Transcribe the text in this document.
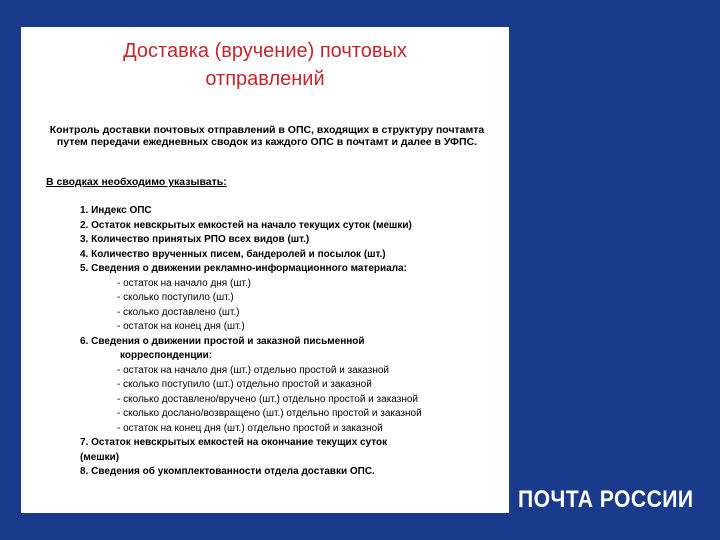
Доставка (вручение) почтовых
отправлений
Контроль доставки почтовых отправлений в ОПС, входящих в структуру почтамта путем передачи ежедневных сводок из каждого ОПС в почтамт и далее в УФПС.
В сводках необходимо указывать:
1. Индекс ОПС
2. Остаток невскрытых емкостей на начало текущих суток (мешки)
3. Количество принятых РПО всех видов (шт.)
4. Количество врученных писем, бандеролей и посылок (шт.)
5. Сведения о движении рекламно-информационного материала:
- остаток на начало дня (шт.)
- сколько поступило (шт.)
- сколько доставлено (шт.)
- остаток на конец дня (шт.)
6. Сведения о движении простой и заказной письменной
корреспонденции:
- остаток на начало дня (шт.) отдельно простой и заказной
- сколько поступило (шт.) отдельно простой и заказной
- сколько доставлено/вручено (шт.) отдельно простой и заказной
- сколько дослано/возвращено (шт.) отдельно простой и заказной
- остаток на конец дня (шт.) отдельно простой и заказной
7. Остаток невскрытых емкостей на окончание текущих суток
(мешки)
8. Сведения об укомплектованности отдела доставки ОПС.
ПОЧТА РОССИИ
